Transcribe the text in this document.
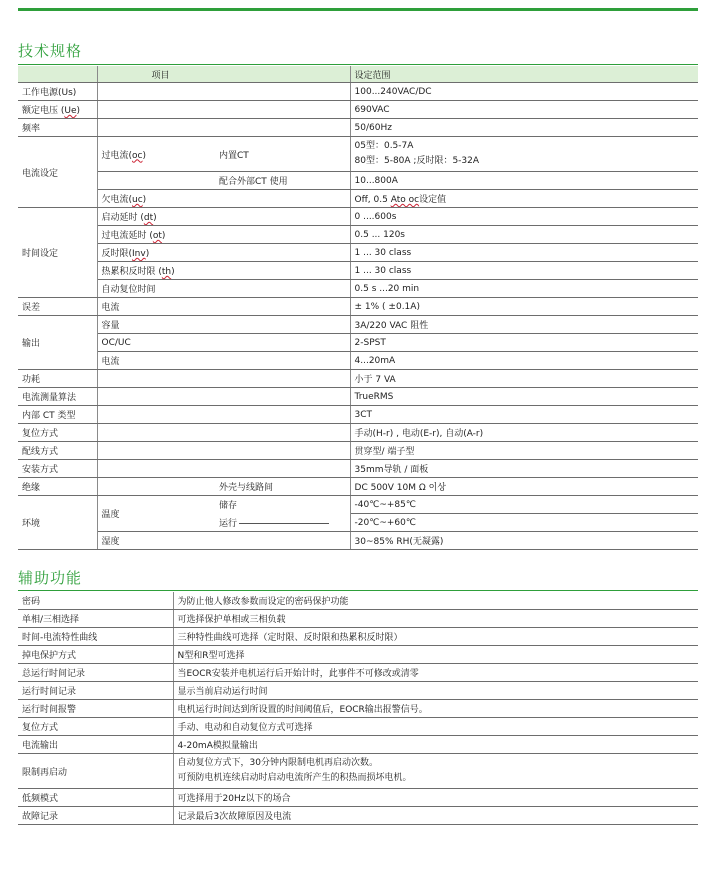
技术规格
	项目		设定范围
工作电源(Us)			100...240VAC/DC
额定电压 (Ue)			690VAC
频率			50/60Hz
电流设定	过电流(oc)	内置CT	05型：0.5-7A
80型：5-80A ;反时限：5-32A

		配合外部CT 使用	10...800A
	欠电流(uc)		Off, 0.5 Ato oc设定值
时间设定	启动延时 (dt)		0 ....600s
	过电流延时 (ot)		0.5 ... 120s
	反时限(Inv)		1 ... 30 class
	热累积反时限 (th)		1 ... 30 class
	自动复位时间		0.5 s ...20 min
误差	电流		± 1% ( ±0.1A)
输出	容量		3A/220 VAC 阻性
	OC/UC		2-SPST
	电流		4...20mA
功耗			小于 7 VA
电流测量算法			TrueRMS
内部 CT 类型			3CT
复位方式			手动(H-r) , 电动(E-r), 自动(A-r)
配线方式			贯穿型/ 端子型
安装方式			35mm导轨 / 面板
绝缘		外壳与线路间	DC 500V 10M Ω 이상
环境	温度	储存	-40℃~+85℃
		运行	-20℃~+60℃
	湿度		30~85% RH(无凝露)
辅助功能
密码	为防止他人修改参数而设定的密码保护功能
单相/三相选择	可选择保护单相或三相负载
时间-电流特性曲线	三种特性曲线可选择（定时限、反时限和热累积反时限）
掉电保护方式	N型和R型可选择
总运行时间记录	当EOCR安装并电机运行后开始计时，此事件不可修改或清零
运行时间记录	显示当前启动运行时间
运行时间报警	电机运行时间达到所设置的时间阈值后，EOCR输出报警信号。
复位方式	手动、电动和自动复位方式可选择
电流输出	4-20mA模拟量输出
限制再启动	自动复位方式下，30分钟内限制电机再启动次数。
可预防电机连续启动时启动电流所产生的积热而损坏电机。

低频模式	可选择用于20Hz以下的场合
故障记录	记录最后3次故障原因及电流
